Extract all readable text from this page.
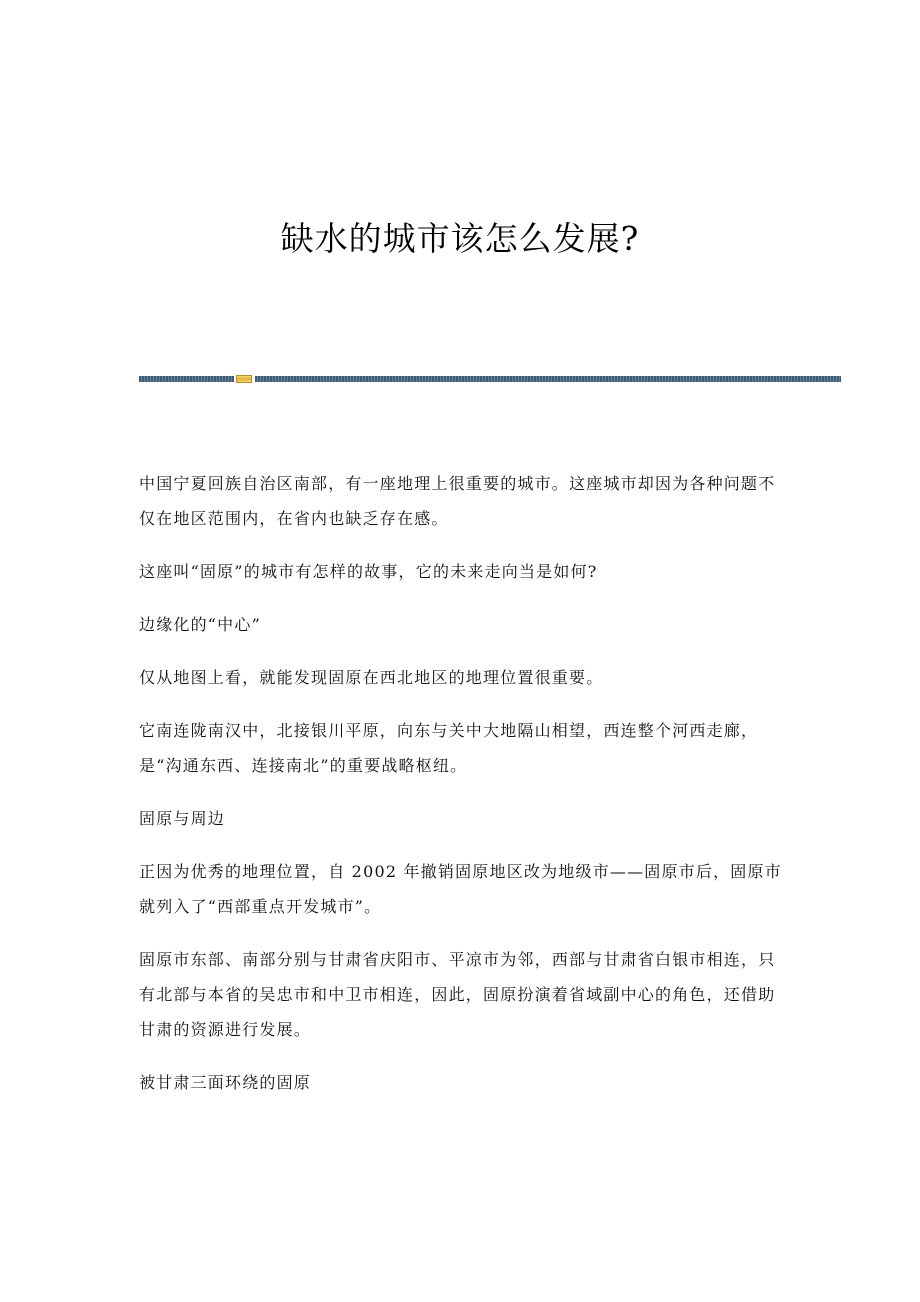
缺水的城市该怎么发展?

中国宁夏回族自治区南部，有一座地理上很重要的城市。这座城市却因为各种问题不仅在地区范围内，在省内也缺乏存在感。

这座叫“固原”的城市有怎样的故事，它的未来走向当是如何?

边缘化的“中心”

仅从地图上看，就能发现固原在西北地区的地理位置很重要。

它南连陇南汉中，北接银川平原，向东与关中大地隔山相望，西连整个河西走廊，是“沟通东西、连接南北”的重要战略枢纽。

固原与周边

正因为优秀的地理位置，自 2002 年撤销固原地区改为地级市——固原市后，固原市就列入了“西部重点开发城市”。

固原市东部、南部分别与甘肃省庆阳市、平凉市为邻，西部与甘肃省白银市相连，只有北部与本省的吴忠市和中卫市相连，因此，固原扮演着省域副中心的角色，还借助甘肃的资源进行发展。

被甘肃三面环绕的固原
